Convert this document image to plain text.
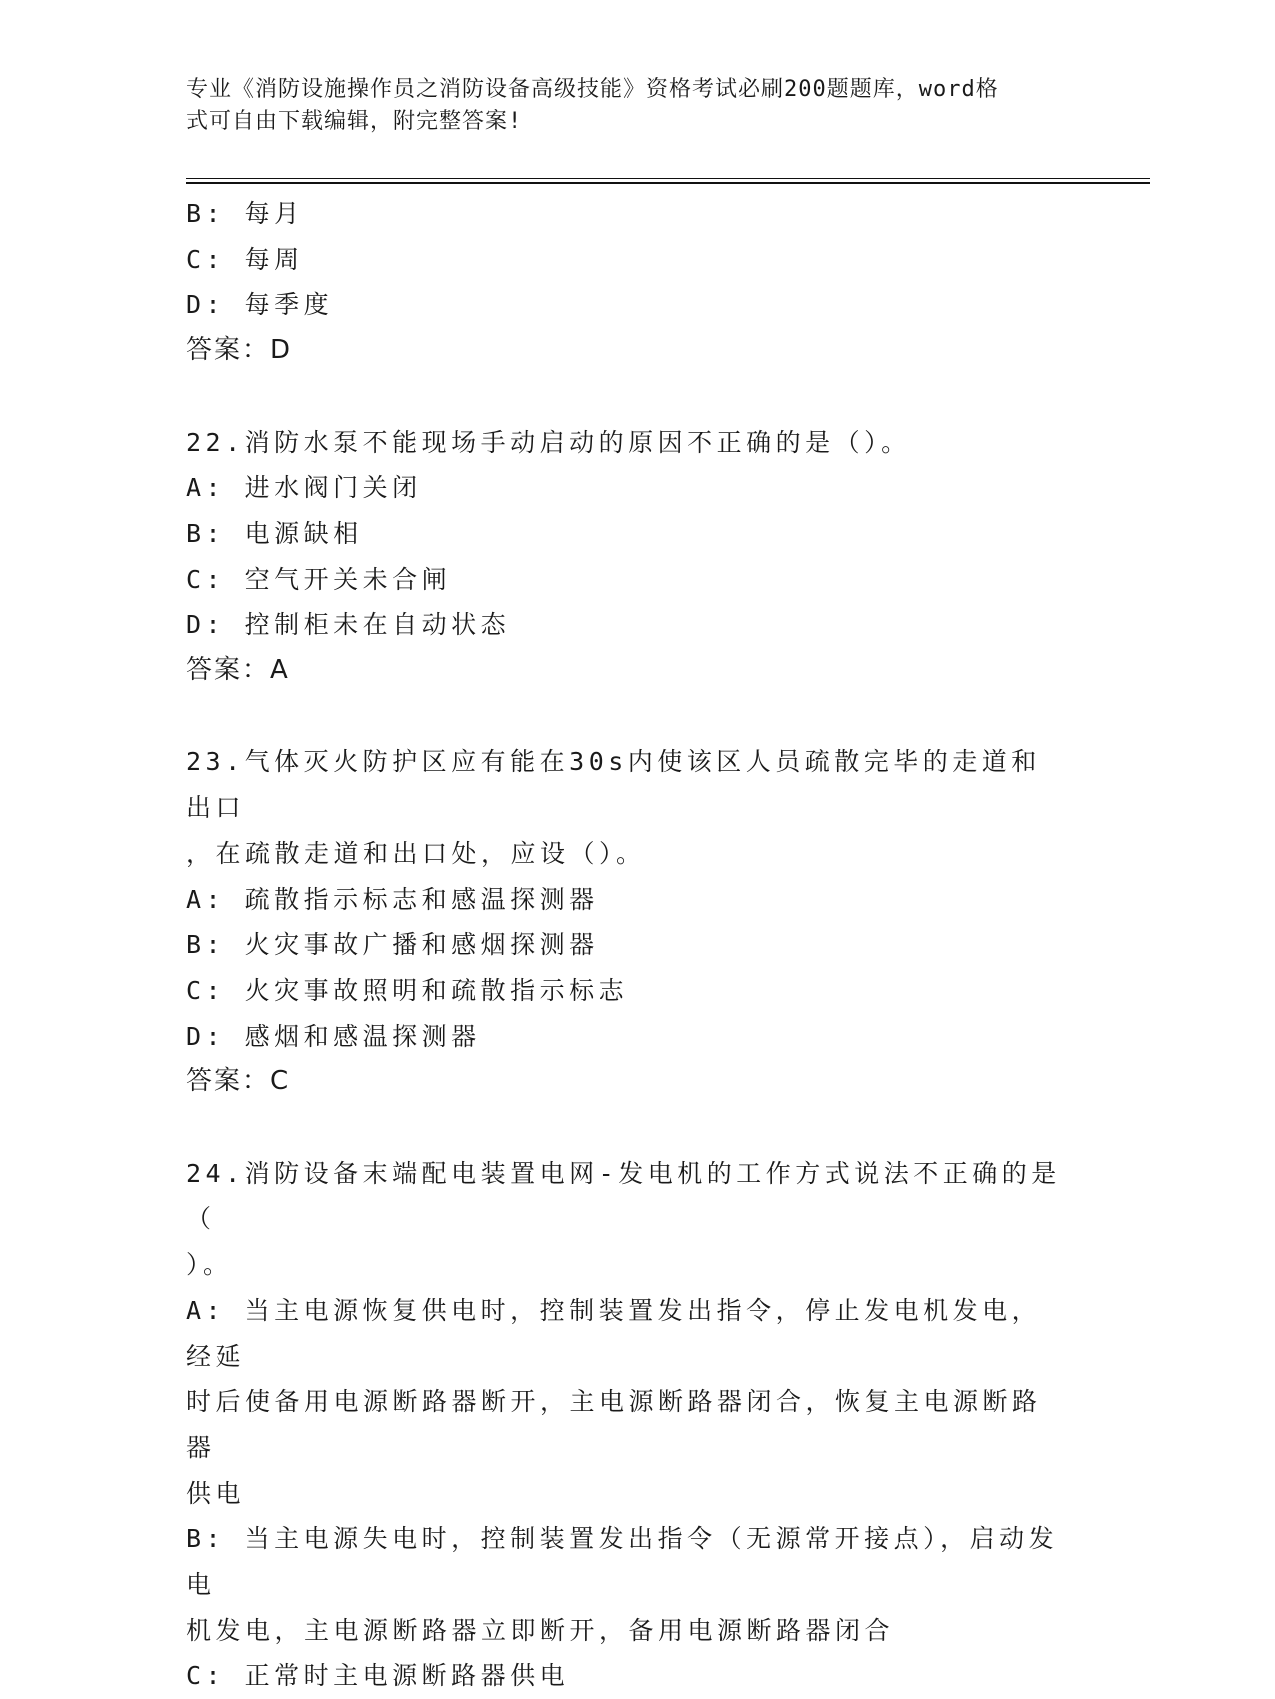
专业《消防设施操作员之消防设备高级技能》资格考试必刷200题题库，word格
式可自由下载编辑，附完整答案!
B: 每月
C: 每周
D: 每季度
答案：D
22.消防水泵不能现场手动启动的原因不正确的是（）。
A: 进水阀门关闭
B: 电源缺相
C: 空气开关未合闸
D: 控制柜未在自动状态
答案：A
23.气体灭火防护区应有能在30s内使该区人员疏散完毕的走道和出口
，在疏散走道和出口处，应设（）。
A: 疏散指示标志和感温探测器
B: 火灾事故广播和感烟探测器
C: 火灾事故照明和疏散指示标志
D: 感烟和感温探测器
答案：C
24.消防设备末端配电装置电网-发电机的工作方式说法不正确的是（
）。
A: 当主电源恢复供电时，控制装置发出指令，停止发电机发电，经延
时后使备用电源断路器断开，主电源断路器闭合，恢复主电源断路器
供电
B: 当主电源失电时，控制装置发出指令（无源常开接点），启动发电
机发电，主电源断路器立即断开，备用电源断路器闭合
C: 正常时主电源断路器供电
